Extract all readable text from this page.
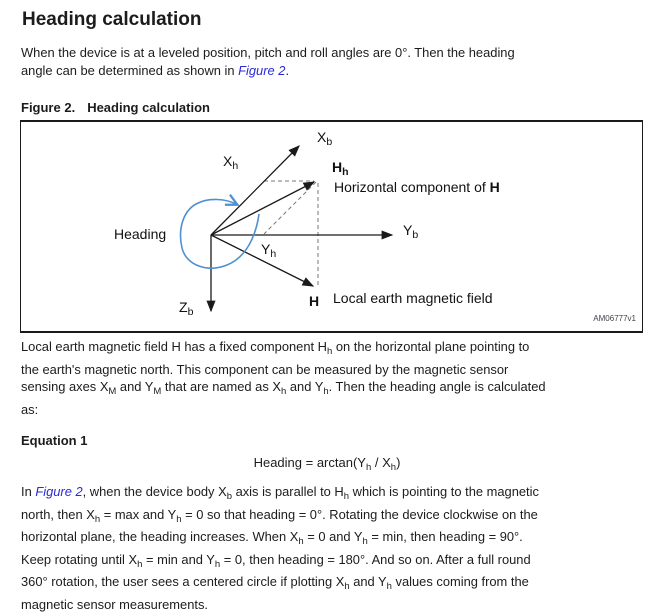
Heading calculation
When the device is at a leveled position, pitch and roll angles are 0°. Then the heading
angle can be determined as shown in Figure 2.
Figure 2. Heading calculation
$X_b$
$X_h$	$H_h$
Horizontal component of H
$Y_b$
$Y_h$
Heading
$Z_b$
H Local earth magnetic field
AM06777v1
Local earth magnetic field H has a fixed component $H_h$ on the horizontal plane pointing to
the earth's magnetic north. This component can be measured by the magnetic sensor
sensing axes $X_M$ and $Y_M$ that are named as $X_h$ and $Y_h$. Then the heading angle is calculated
as:
Equation 1
Heading = $\arctan(Y_h / X_h)$
In Figure 2, when the device body $X_b$ axis is parallel to $H_h$ which is pointing to the magnetic
north, then $X_h = \max$ and $Y_h = 0$ so that heading = 0°. Rotating the device clockwise on the
horizontal plane, the heading increases. When $X_h = 0$ and $Y_h = \min$, then heading = 90°.
Keep rotating until $X_h = \min$ and $Y_h = 0$, then heading = 180°. And so on. After a full round
360° rotation, the user sees a centered circle if plotting $X_h$ and $Y_h$ values coming from the
magnetic sensor measurements.
